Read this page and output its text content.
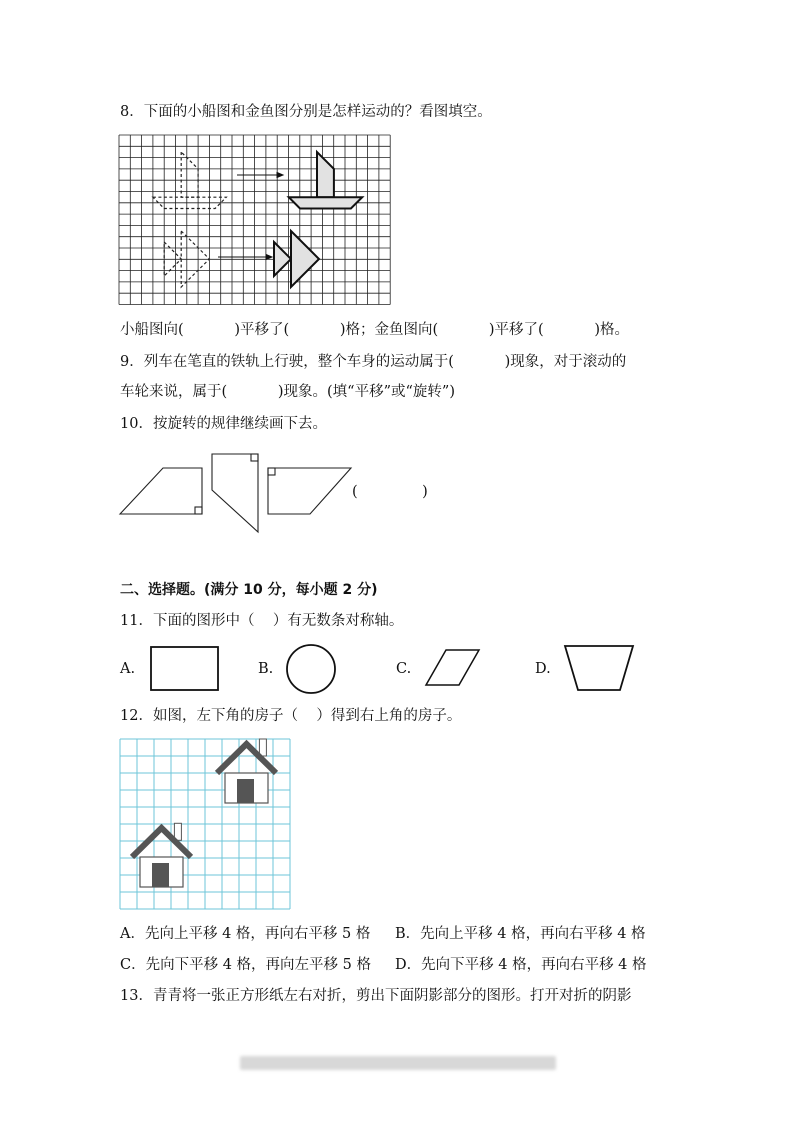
8．下面的小船图和金鱼图分别是怎样运动的？看图填空。
小船图向(           )平移了(           )格；金鱼图向(           )平移了(           )格。
9．列车在笔直的铁轨上行驶，整个车身的运动属于(           )现象，对于滚动的
车轮来说，属于(           )现象。(填“平移”或“旋转”)
10．按旋转的规律继续画下去。
(              )
二、选择题。(满分 10 分，每小题 2 分)
11．下面的图形中（    ）有无数条对称轴。
A.	B.	C.	D.
12．如图，左下角的房子（    ）得到右上角的房子。
A．先向上平移 4 格，再向右平移 5 格 B．先向上平移 4 格，再向右平移 4 格
C．先向下平移 4 格，再向左平移 5 格 D．先向下平移 4 格，再向右平移 4 格
13．青青将一张正方形纸左右对折，剪出下面阴影部分的图形。打开对折的阴影
